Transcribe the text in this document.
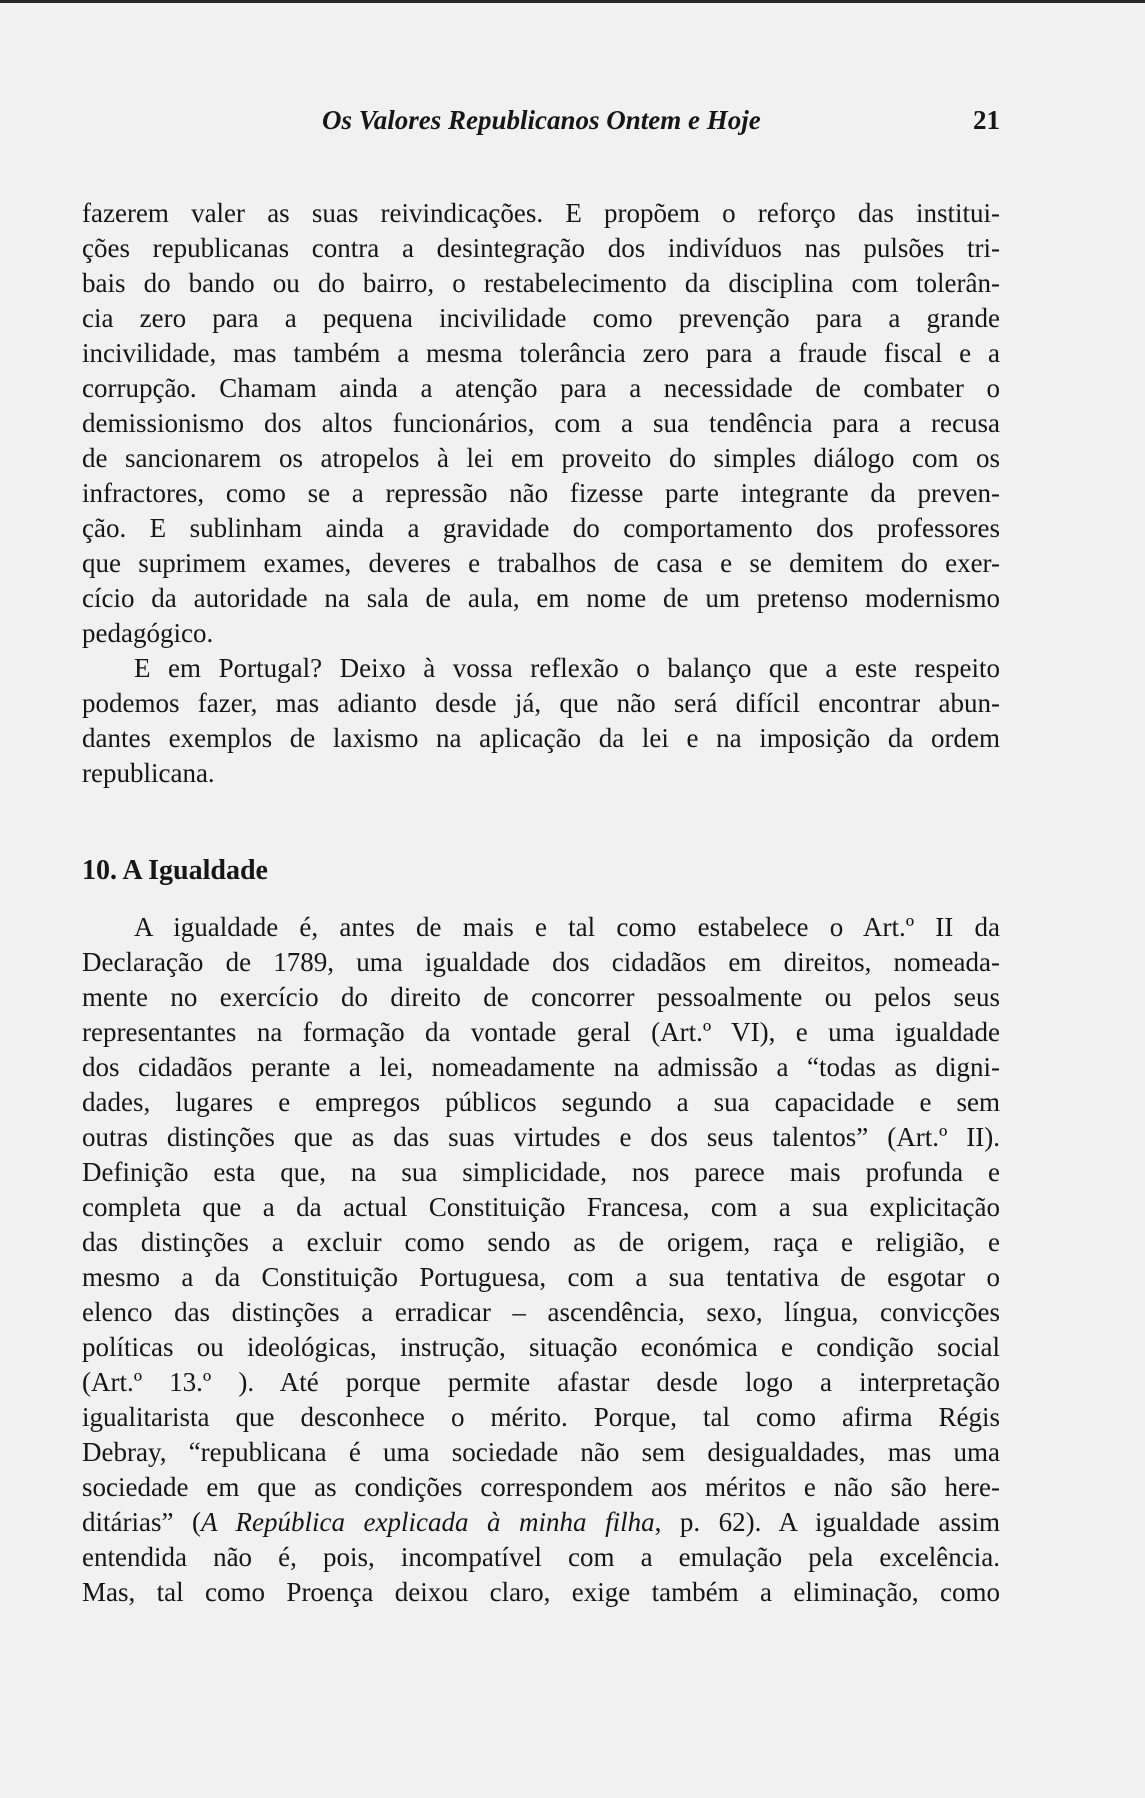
Os Valores Republicanos Ontem e Hoje	21
fazerem valer as suas reivindicações. E propõem o reforço das institui-
ções republicanas contra a desintegração dos indivíduos nas pulsões tri-
bais do bando ou do bairro, o restabelecimento da disciplina com tolerân-
cia zero para a pequena incivilidade como prevenção para a grande
incivilidade, mas também a mesma tolerância zero para a fraude fiscal e a
corrupção. Chamam ainda a atenção para a necessidade de combater o
demissionismo dos altos funcionários, com a sua tendência para a recusa
de sancionarem os atropelos à lei em proveito do simples diálogo com os
infractores, como se a repressão não fizesse parte integrante da preven-
ção. E sublinham ainda a gravidade do comportamento dos professores
que suprimem exames, deveres e trabalhos de casa e se demitem do exer-
cício da autoridade na sala de aula, em nome de um pretenso modernismo
pedagógico.
E em Portugal? Deixo à vossa reflexão o balanço que a este respeito
podemos fazer, mas adianto desde já, que não será difícil encontrar abun-
dantes exemplos de laxismo na aplicação da lei e na imposição da ordem
republicana.
10. A Igualdade
A igualdade é, antes de mais e tal como estabelece o Art.º II da
Declaração de 1789, uma igualdade dos cidadãos em direitos, nomeada-
mente no exercício do direito de concorrer pessoalmente ou pelos seus
representantes na formação da vontade geral (Art.º VI), e uma igualdade
dos cidadãos perante a lei, nomeadamente na admissão a “todas as digni-
dades, lugares e empregos públicos segundo a sua capacidade e sem
outras distinções que as das suas virtudes e dos seus talentos” (Art.º II).
Definição esta que, na sua simplicidade, nos parece mais profunda e
completa que a da actual Constituição Francesa, com a sua explicitação
das distinções a excluir como sendo as de origem, raça e religião, e
mesmo a da Constituição Portuguesa, com a sua tentativa de esgotar o
elenco das distinções a erradicar – ascendência, sexo, língua, convicções
políticas ou ideológicas, instrução, situação económica e condição social
(Art.º 13.º ). Até porque permite afastar desde logo a interpretação
igualitarista que desconhece o mérito. Porque, tal como afirma Régis
Debray, “republicana é uma sociedade não sem desigualdades, mas uma
sociedade em que as condições correspondem aos méritos e não são here-
ditárias” (A República explicada à minha filha, p. 62). A igualdade assim
entendida não é, pois, incompatível com a emulação pela excelência.
Mas, tal como Proença deixou claro, exige também a eliminação, como
